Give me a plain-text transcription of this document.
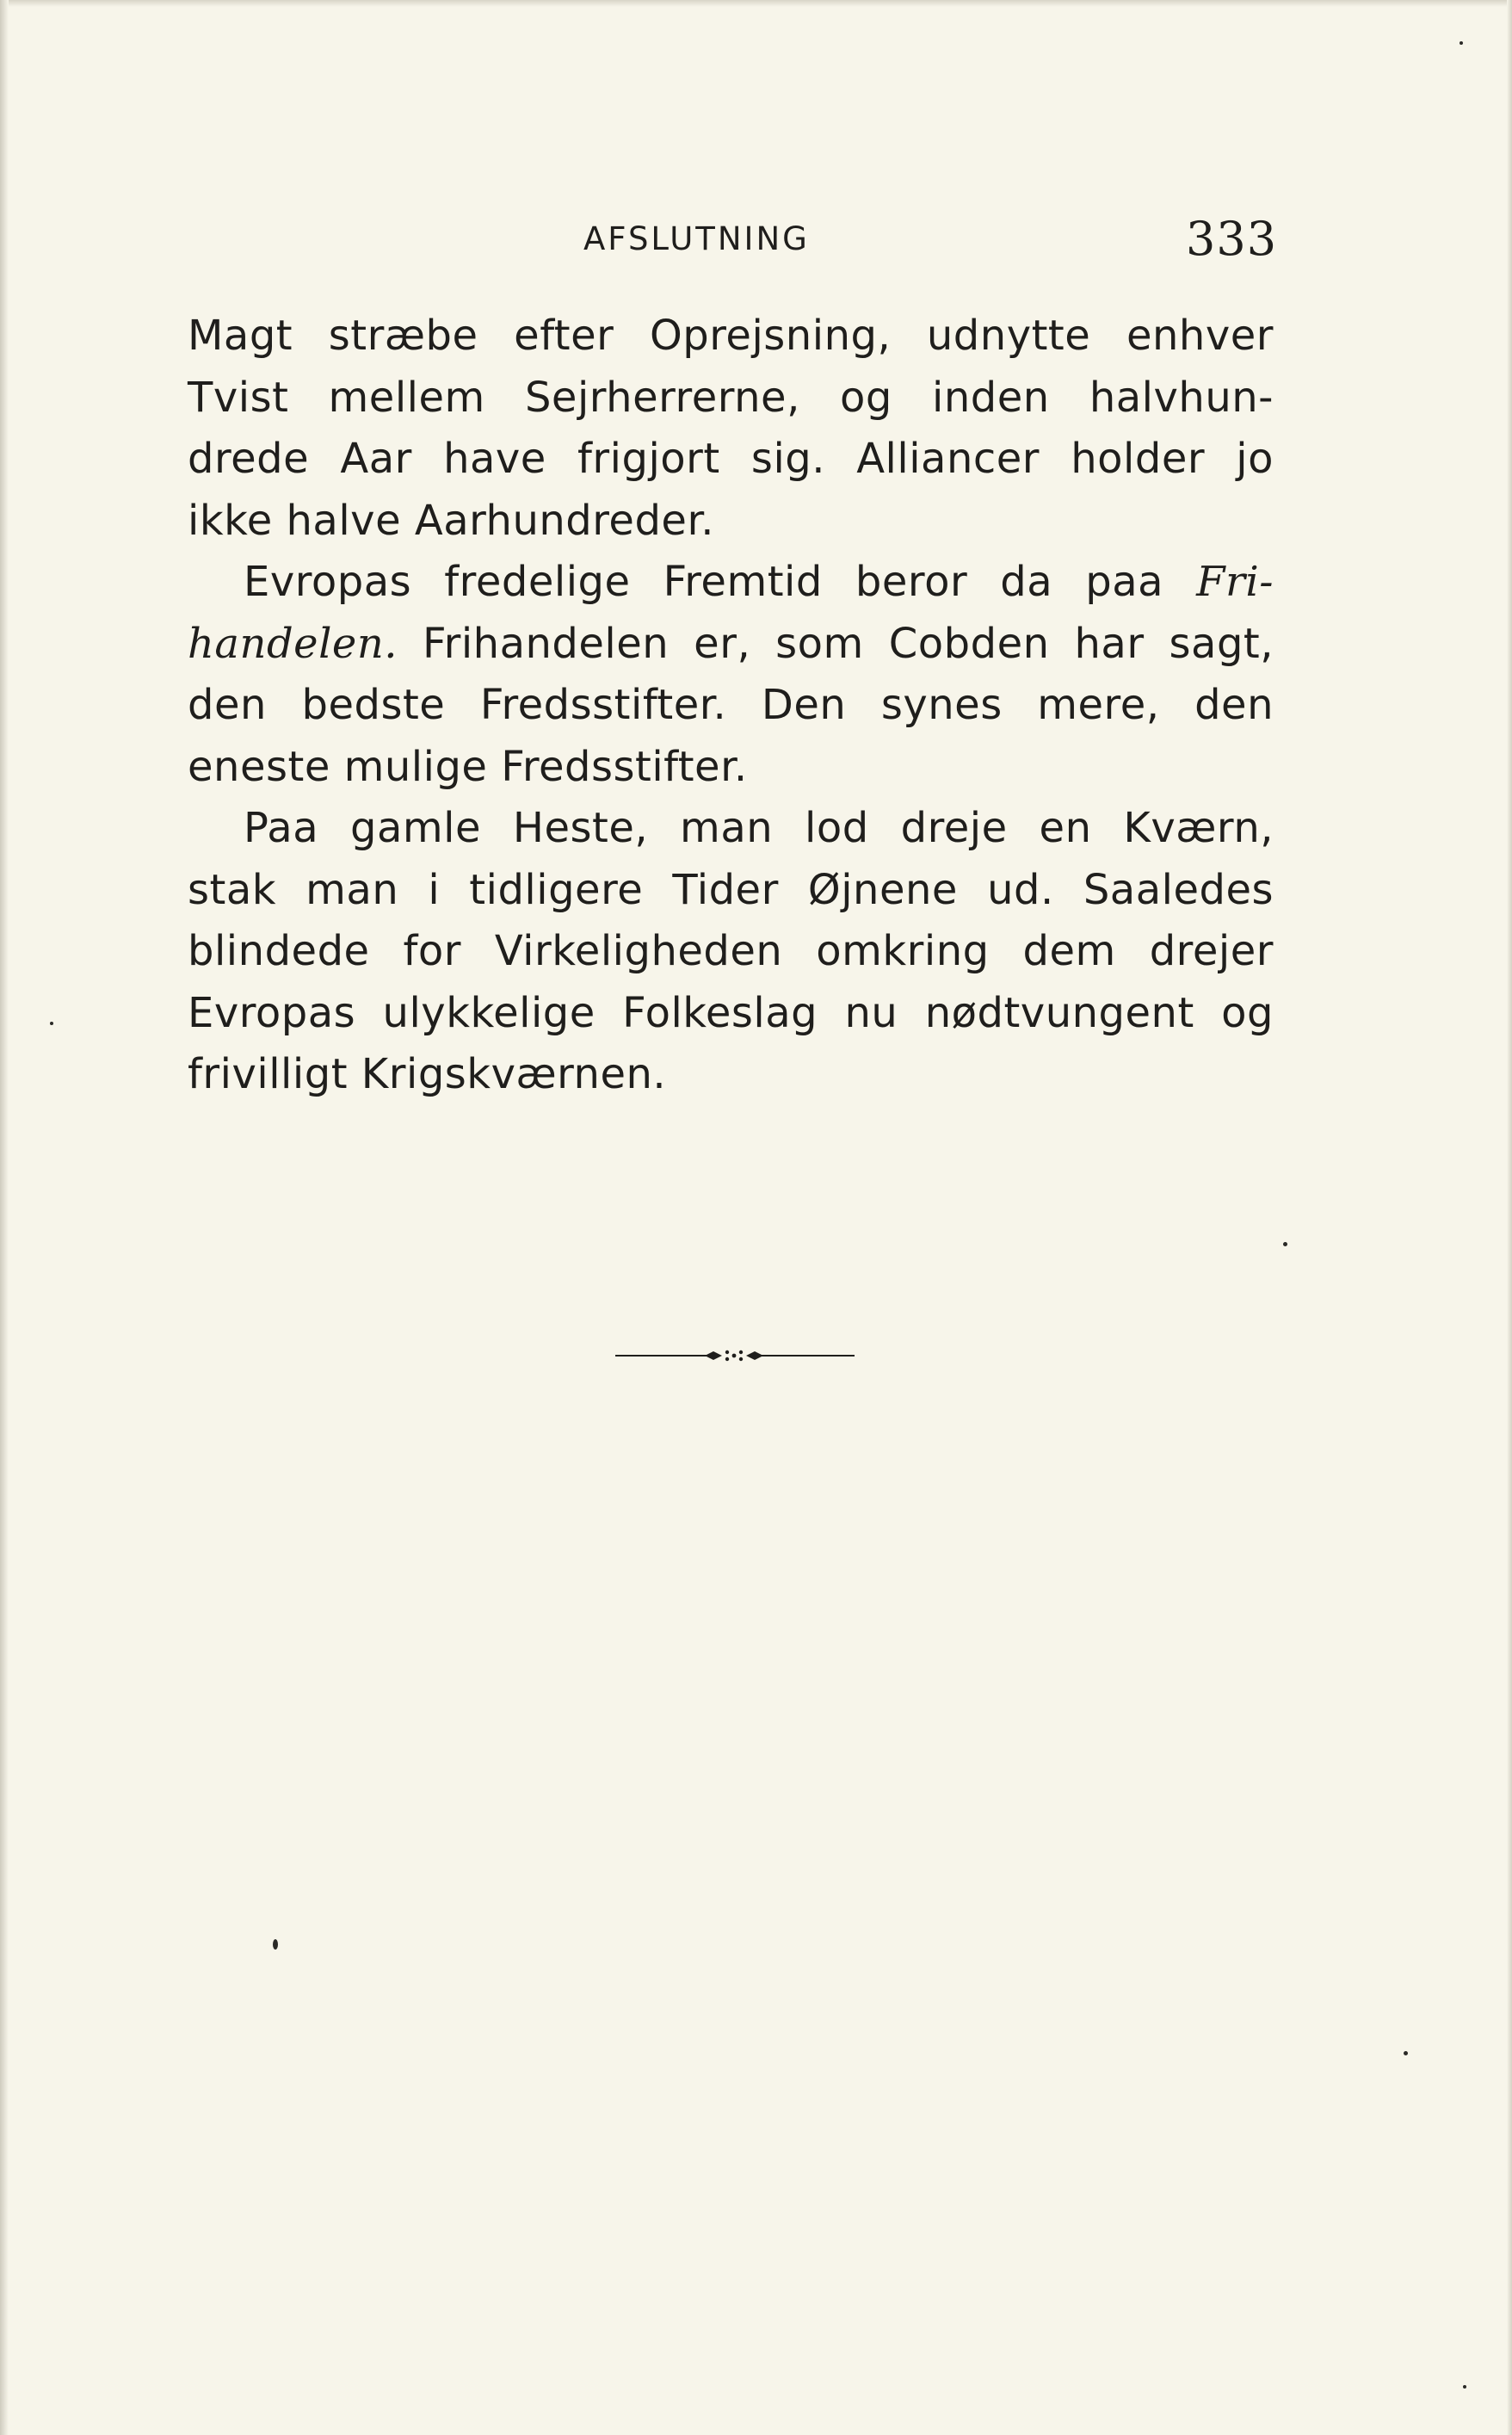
AFSLUTNING	333
Magt stræbe efter Oprejsning, udnytte enhver
Tvist mellem Sejrherrerne, og inden halvhun-
drede Aar have frigjort sig. Alliancer holder jo
ikke halve Aarhundreder.
Evropas fredelige Fremtid beror da paa Fri-
handelen. Frihandelen er, som Cobden har sagt,
den bedste Fredsstifter. Den synes mere, den
eneste mulige Fredsstifter.
Paa gamle Heste, man lod dreje en Kværn,
stak man i tidligere Tider Øjnene ud. Saaledes
blindede for Virkeligheden omkring dem drejer
Evropas ulykkelige Folkeslag nu nødtvungent og
frivilligt Krigskværnen.
